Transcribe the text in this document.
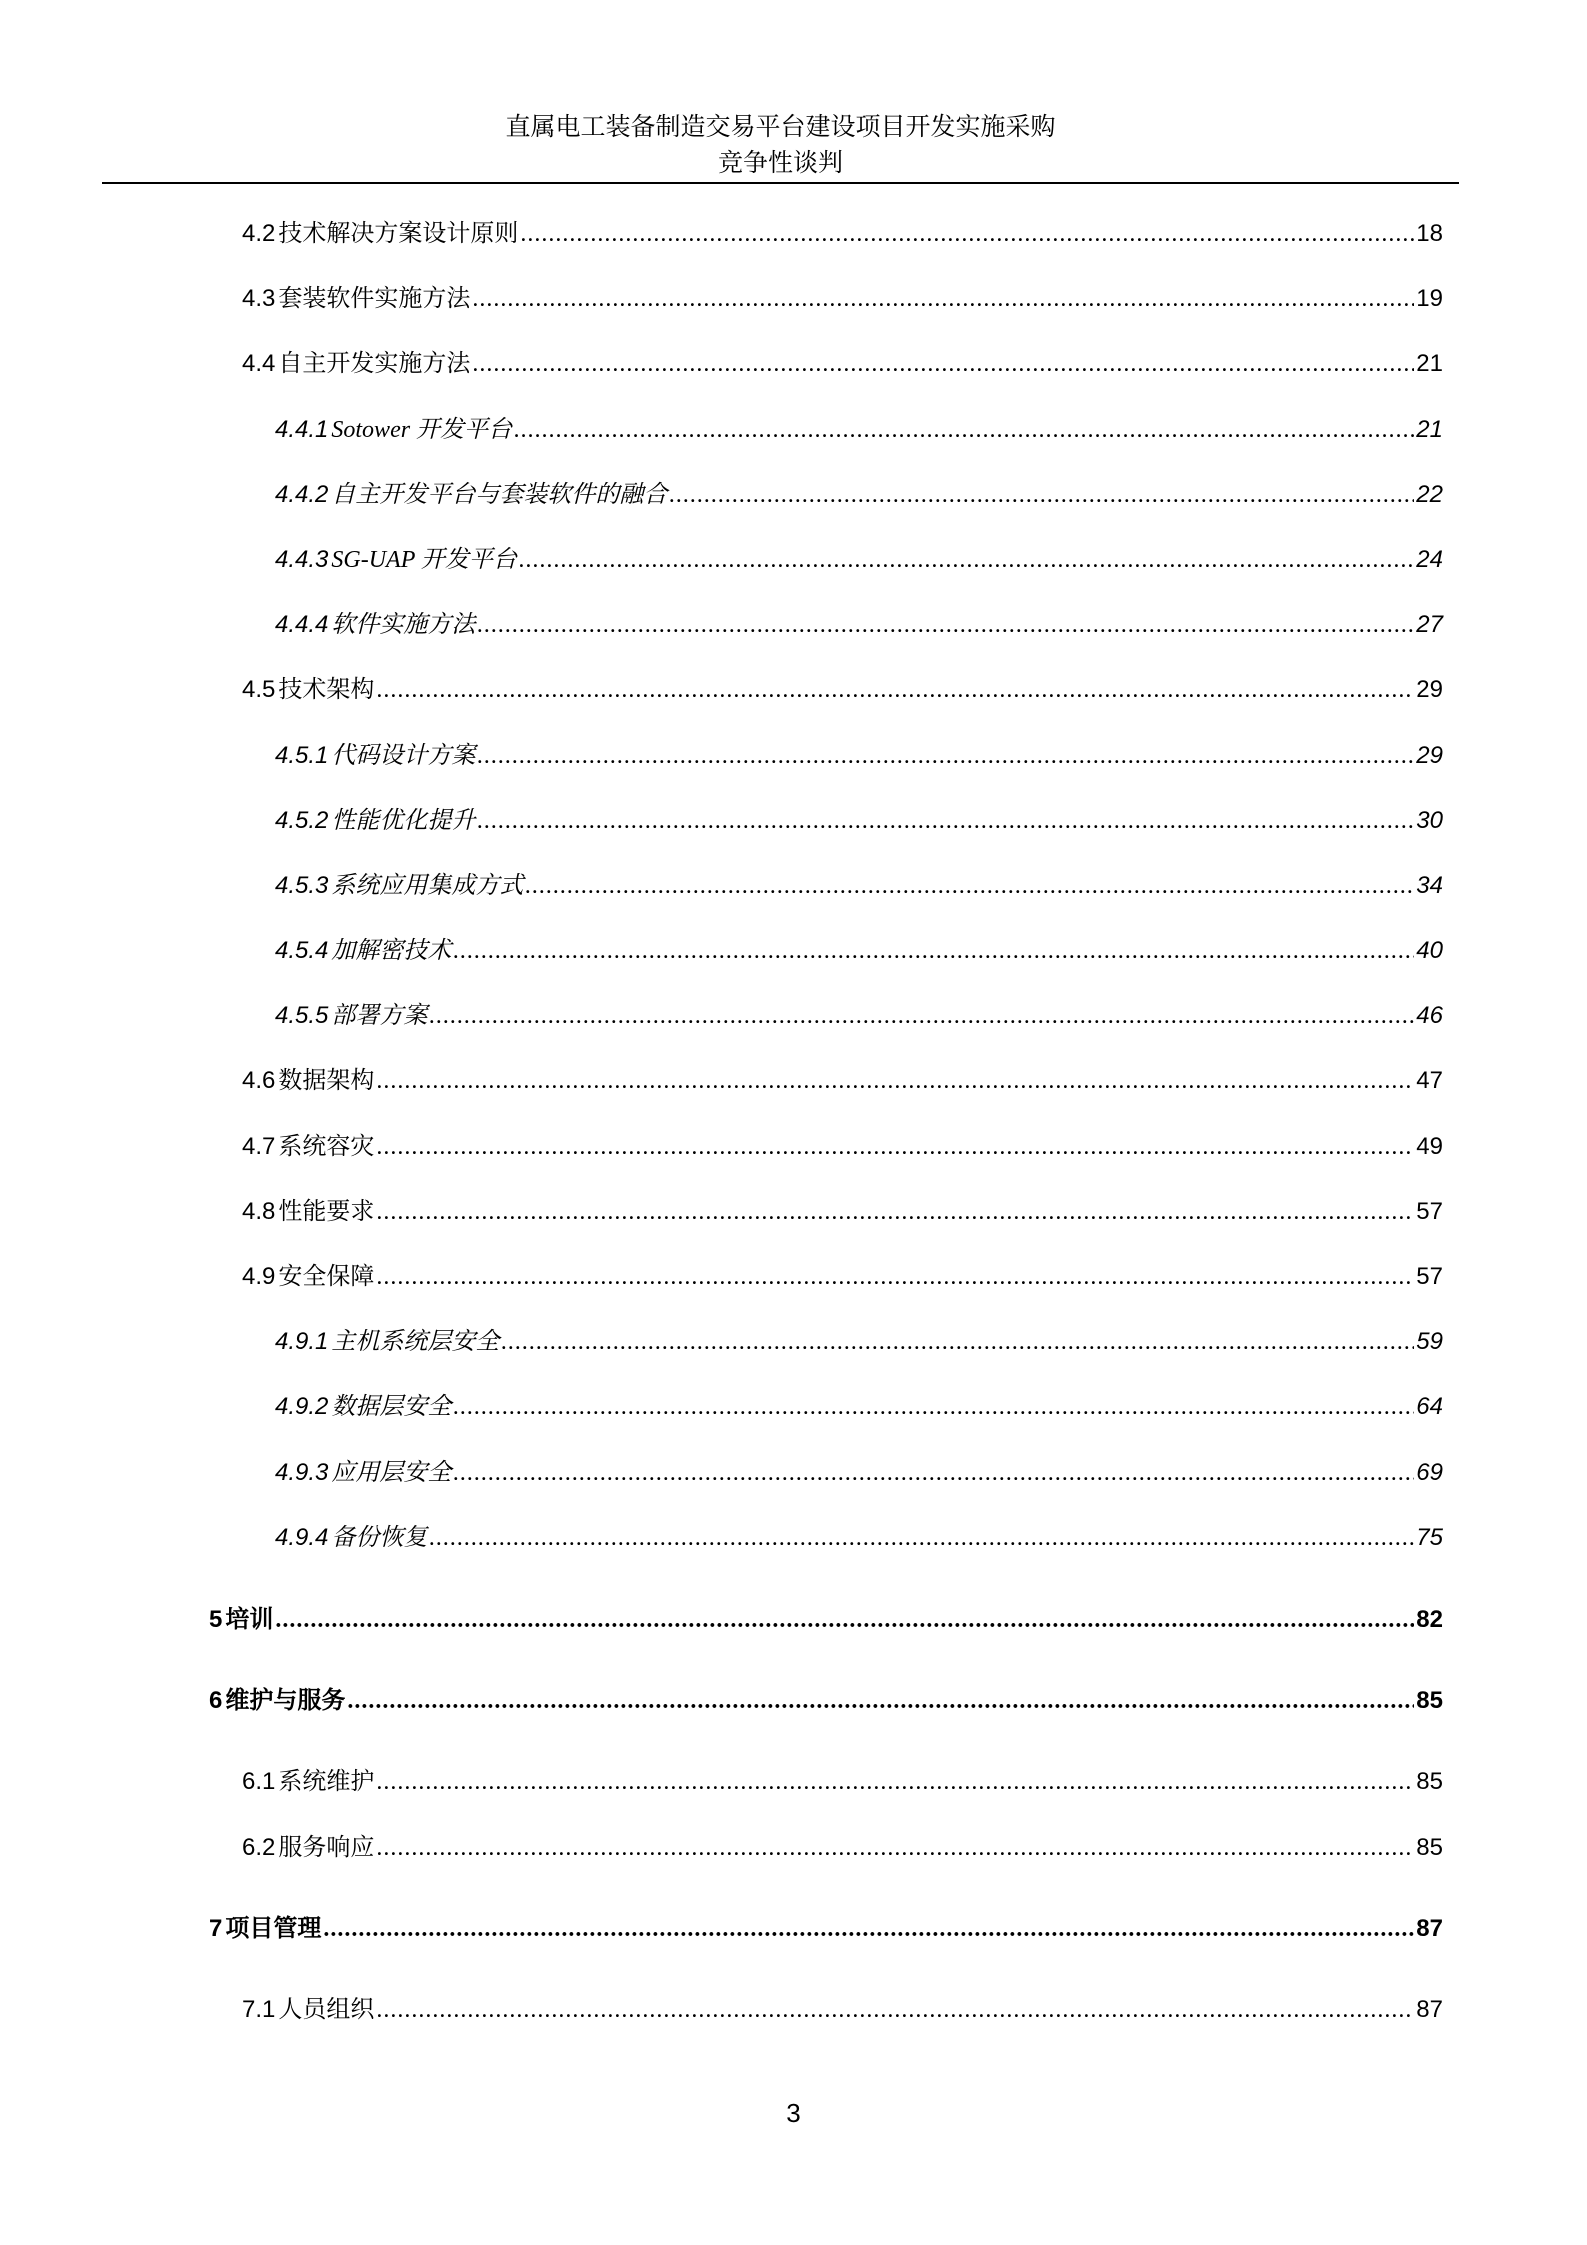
直属电工装备制造交易平台建设项目开发实施采购
竞争性谈判
4.2 技术解决方案设计原则 .....	18
4.3 套装软件实施方法 .....	19
4.4 自主开发实施方法 .....	21
4.4.1 Sotower 开发平台 .....	21
4.4.2 自主开发平台与套装软件的融合 .....	22
4.4.3 SG-UAP 开发平台 .....	24
4.4.4 软件实施方法 .....	27
4.5 技术架构 .....	29
4.5.1 代码设计方案 .....	29
4.5.2 性能优化提升 .....	30
4.5.3 系统应用集成方式 .....	34
4.5.4 加解密技术 .....	40
4.5.5 部署方案 .....	46
4.6 数据架构 .....	47
4.7 系统容灾 .....	49
4.8 性能要求 .....	57
4.9 安全保障 .....	57
4.9.1 主机系统层安全 .....	59
4.9.2 数据层安全 .....	64
4.9.3 应用层安全 .....	69
4.9.4 备份恢复 .....	75
5 培训 .....	82
6 维护与服务 .....	85
6.1 系统维护 .....	85
6.2 服务响应 .....	85
7 项目管理 .....	87
7.1 人员组织 .....	87
3
